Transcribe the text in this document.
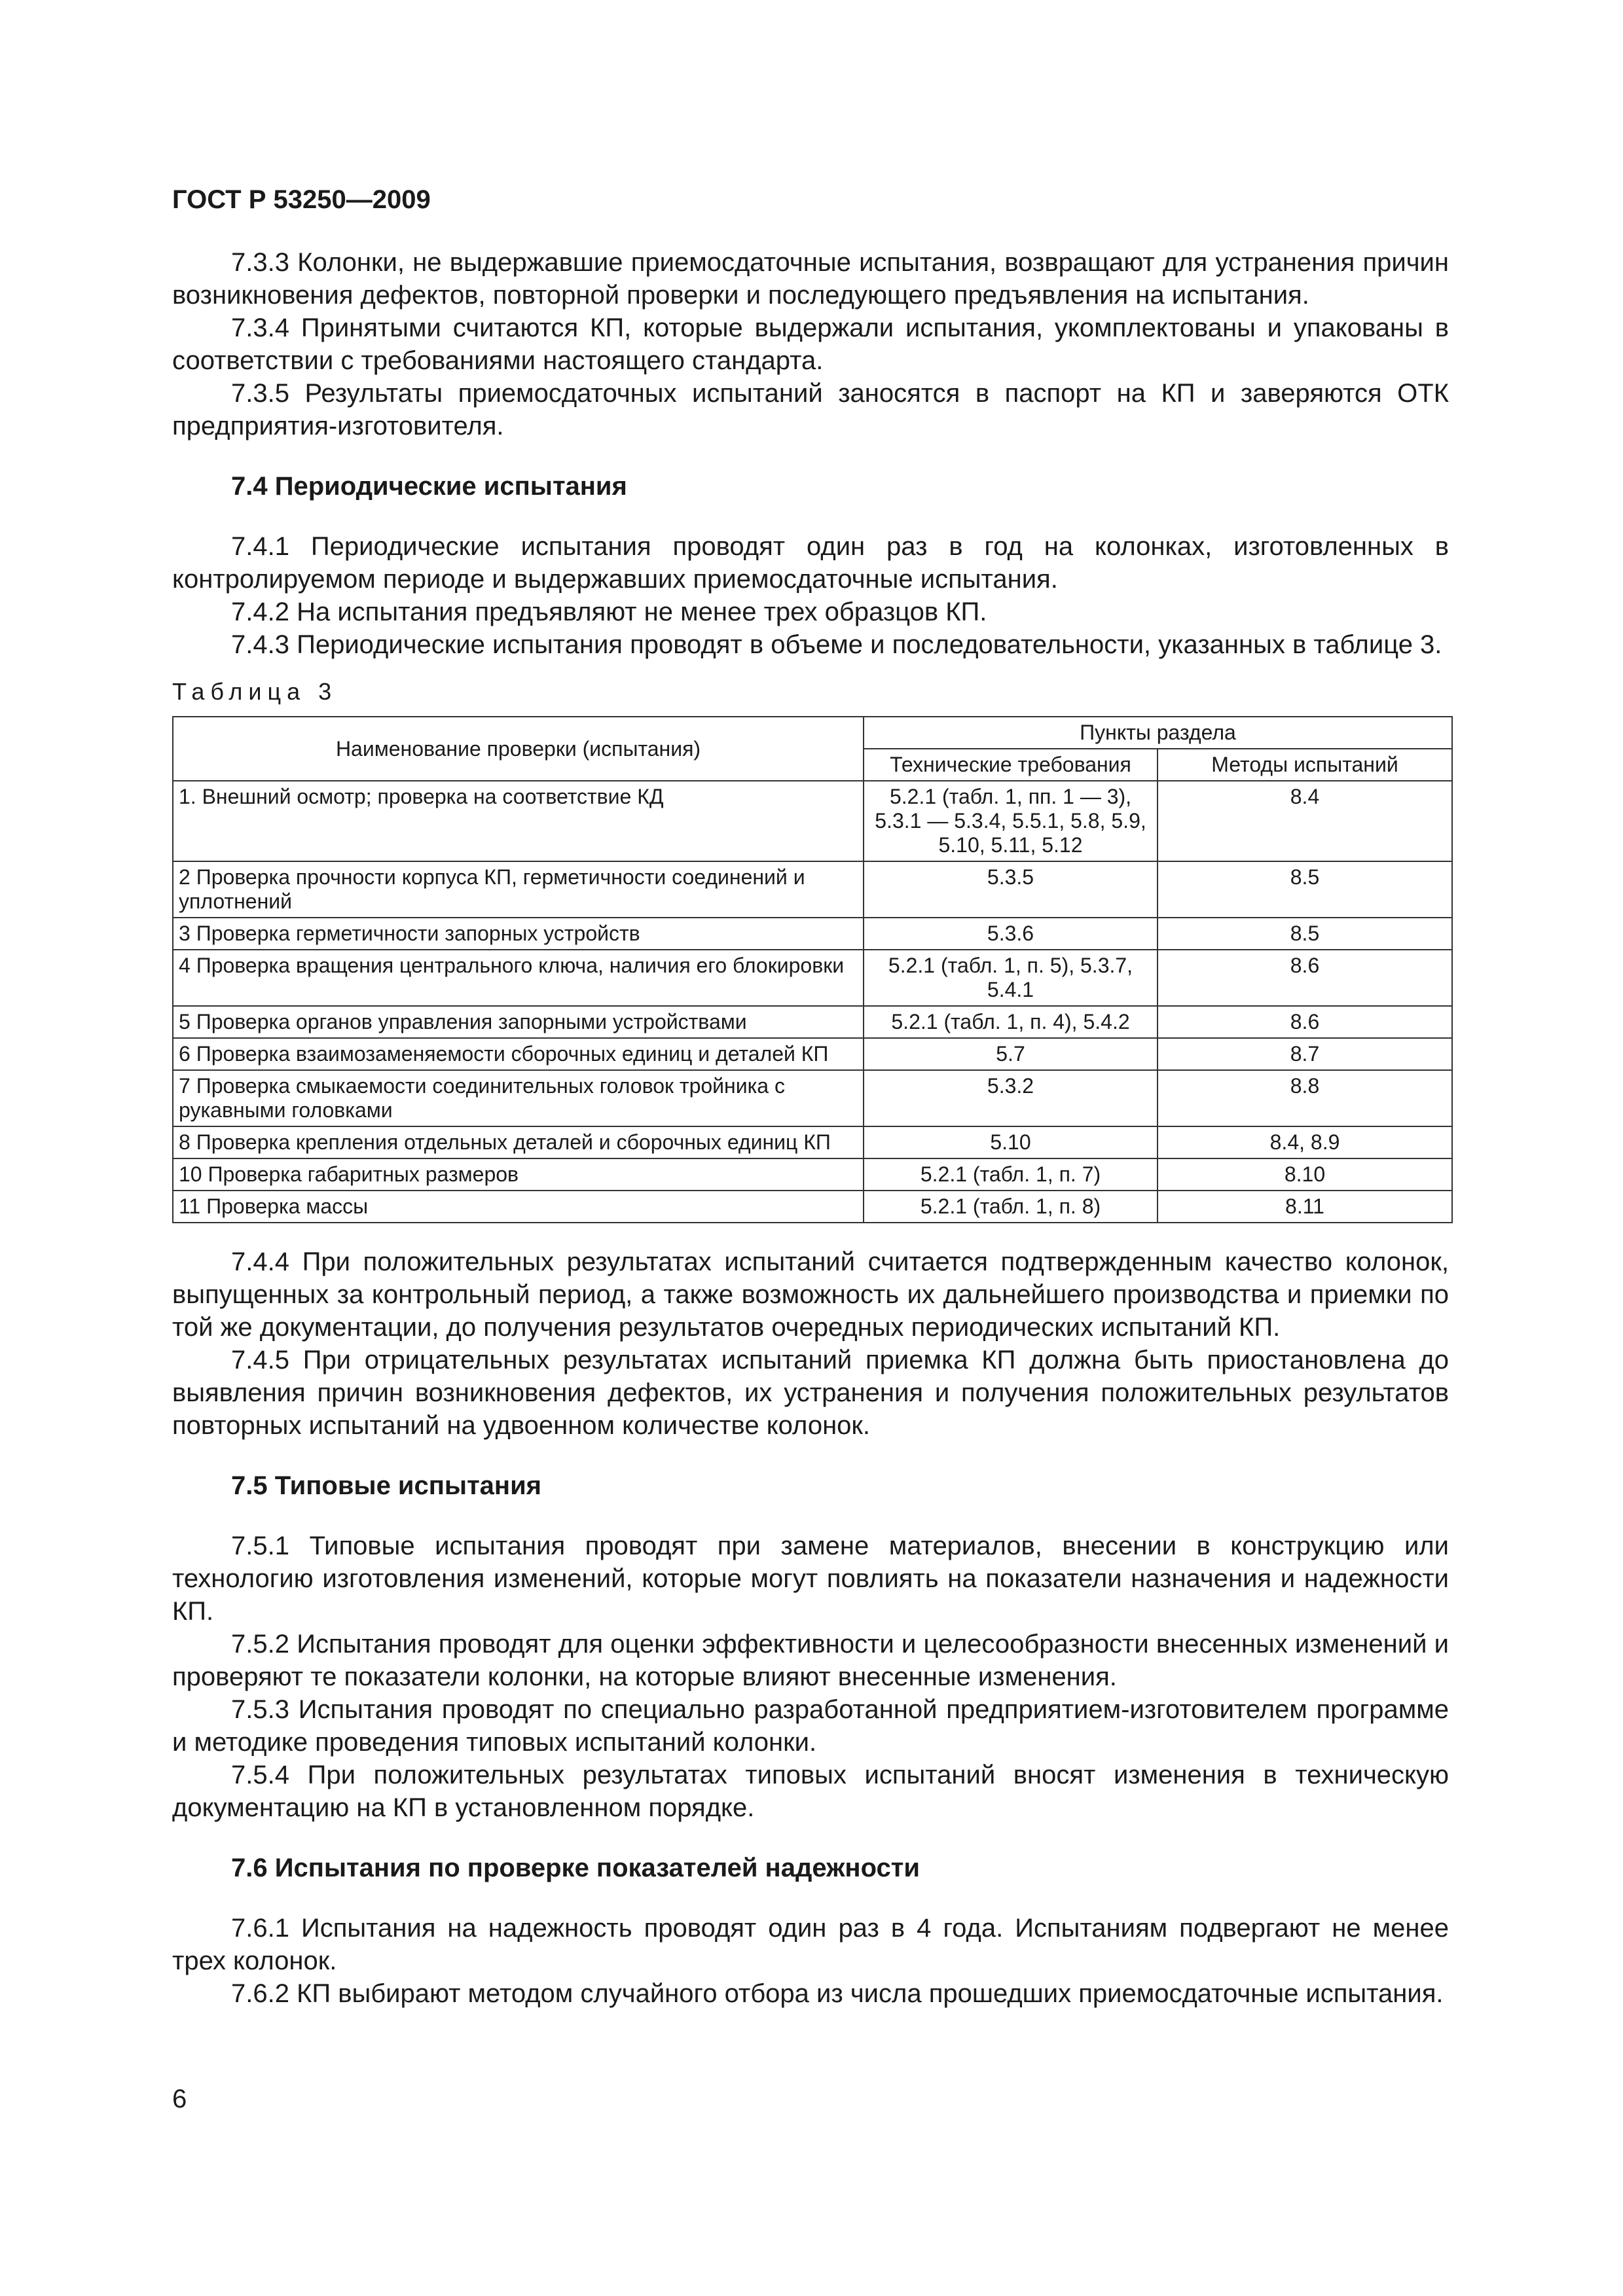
ГОСТ Р 53250—2009

7.3.3 Колонки, не выдержавшие приемосдаточные испытания, возвращают для устранения причин возникновения дефектов, повторной проверки и последующего предъявления на испытания.

7.3.4 Принятыми считаются КП, которые выдержали испытания, укомплектованы и упакованы в соответствии с требованиями настоящего стандарта.

7.3.5 Результаты приемосдаточных испытаний заносятся в паспорт на КП и заверяются ОТК предприятия-изготовителя.

7.4 Периодические испытания

7.4.1 Периодические испытания проводят один раз в год на колонках, изготовленных в контролируемом периоде и выдержавших приемосдаточные испытания.

7.4.2 На испытания предъявляют не менее трех образцов КП.

7.4.3 Периодические испытания проводят в объеме и последовательности, указанных в таблице 3.

Таблица 3
Наименование проверки (испытания)	Пункты раздела	
	Технические требования	Методы испытаний
1. Внешний осмотр; проверка на соответствие КД	5.2.1 (табл. 1, пп. 1 — 3), 5.3.1 — 5.3.4, 5.5.1, 5.8, 5.9, 5.10, 5.11, 5.12	8.4
2 Проверка прочности корпуса КП, герметичности соединений и уплотнений	5.3.5	8.5
3 Проверка герметичности запорных устройств	5.3.6	8.5
4 Проверка вращения центрального ключа, наличия его блокировки	5.2.1 (табл. 1, п. 5), 5.3.7, 5.4.1	8.6
5 Проверка органов управления запорными устройствами	5.2.1 (табл. 1, п. 4), 5.4.2	8.6
6 Проверка взаимозаменяемости сборочных единиц и деталей КП	5.7	8.7
7 Проверка смыкаемости соединительных головок тройника с рукавными головками	5.3.2	8.8
8 Проверка крепления отдельных деталей и сборочных единиц КП	5.10	8.4, 8.9
10 Проверка габаритных размеров	5.2.1 (табл. 1, п. 7)	8.10
11 Проверка массы	5.2.1 (табл. 1, п. 8)	8.11

7.4.4 При положительных результатах испытаний считается подтвержденным качество колонок, выпущенных за контрольный период, а также возможность их дальнейшего производства и приемки по той же документации, до получения результатов очередных периодических испытаний КП.

7.4.5 При отрицательных результатах испытаний приемка КП должна быть приостановлена до выявления причин возникновения дефектов, их устранения и получения положительных результатов повторных испытаний на удвоенном количестве колонок.

7.5 Типовые испытания

7.5.1 Типовые испытания проводят при замене материалов, внесении в конструкцию или технологию изготовления изменений, которые могут повлиять на показатели назначения и надежности КП.

7.5.2 Испытания проводят для оценки эффективности и целесообразности внесенных изменений и проверяют те показатели колонки, на которые влияют внесенные изменения.

7.5.3 Испытания проводят по специально разработанной предприятием-изготовителем программе и методике проведения типовых испытаний колонки.

7.5.4 При положительных результатах типовых испытаний вносят изменения в техническую документацию на КП в установленном порядке.

7.6 Испытания по проверке показателей надежности

7.6.1 Испытания на надежность проводят один раз в 4 года. Испытаниям подвергают не менее трех колонок.

7.6.2 КП выбирают методом случайного отбора из числа прошедших приемосдаточные испытания.

6
